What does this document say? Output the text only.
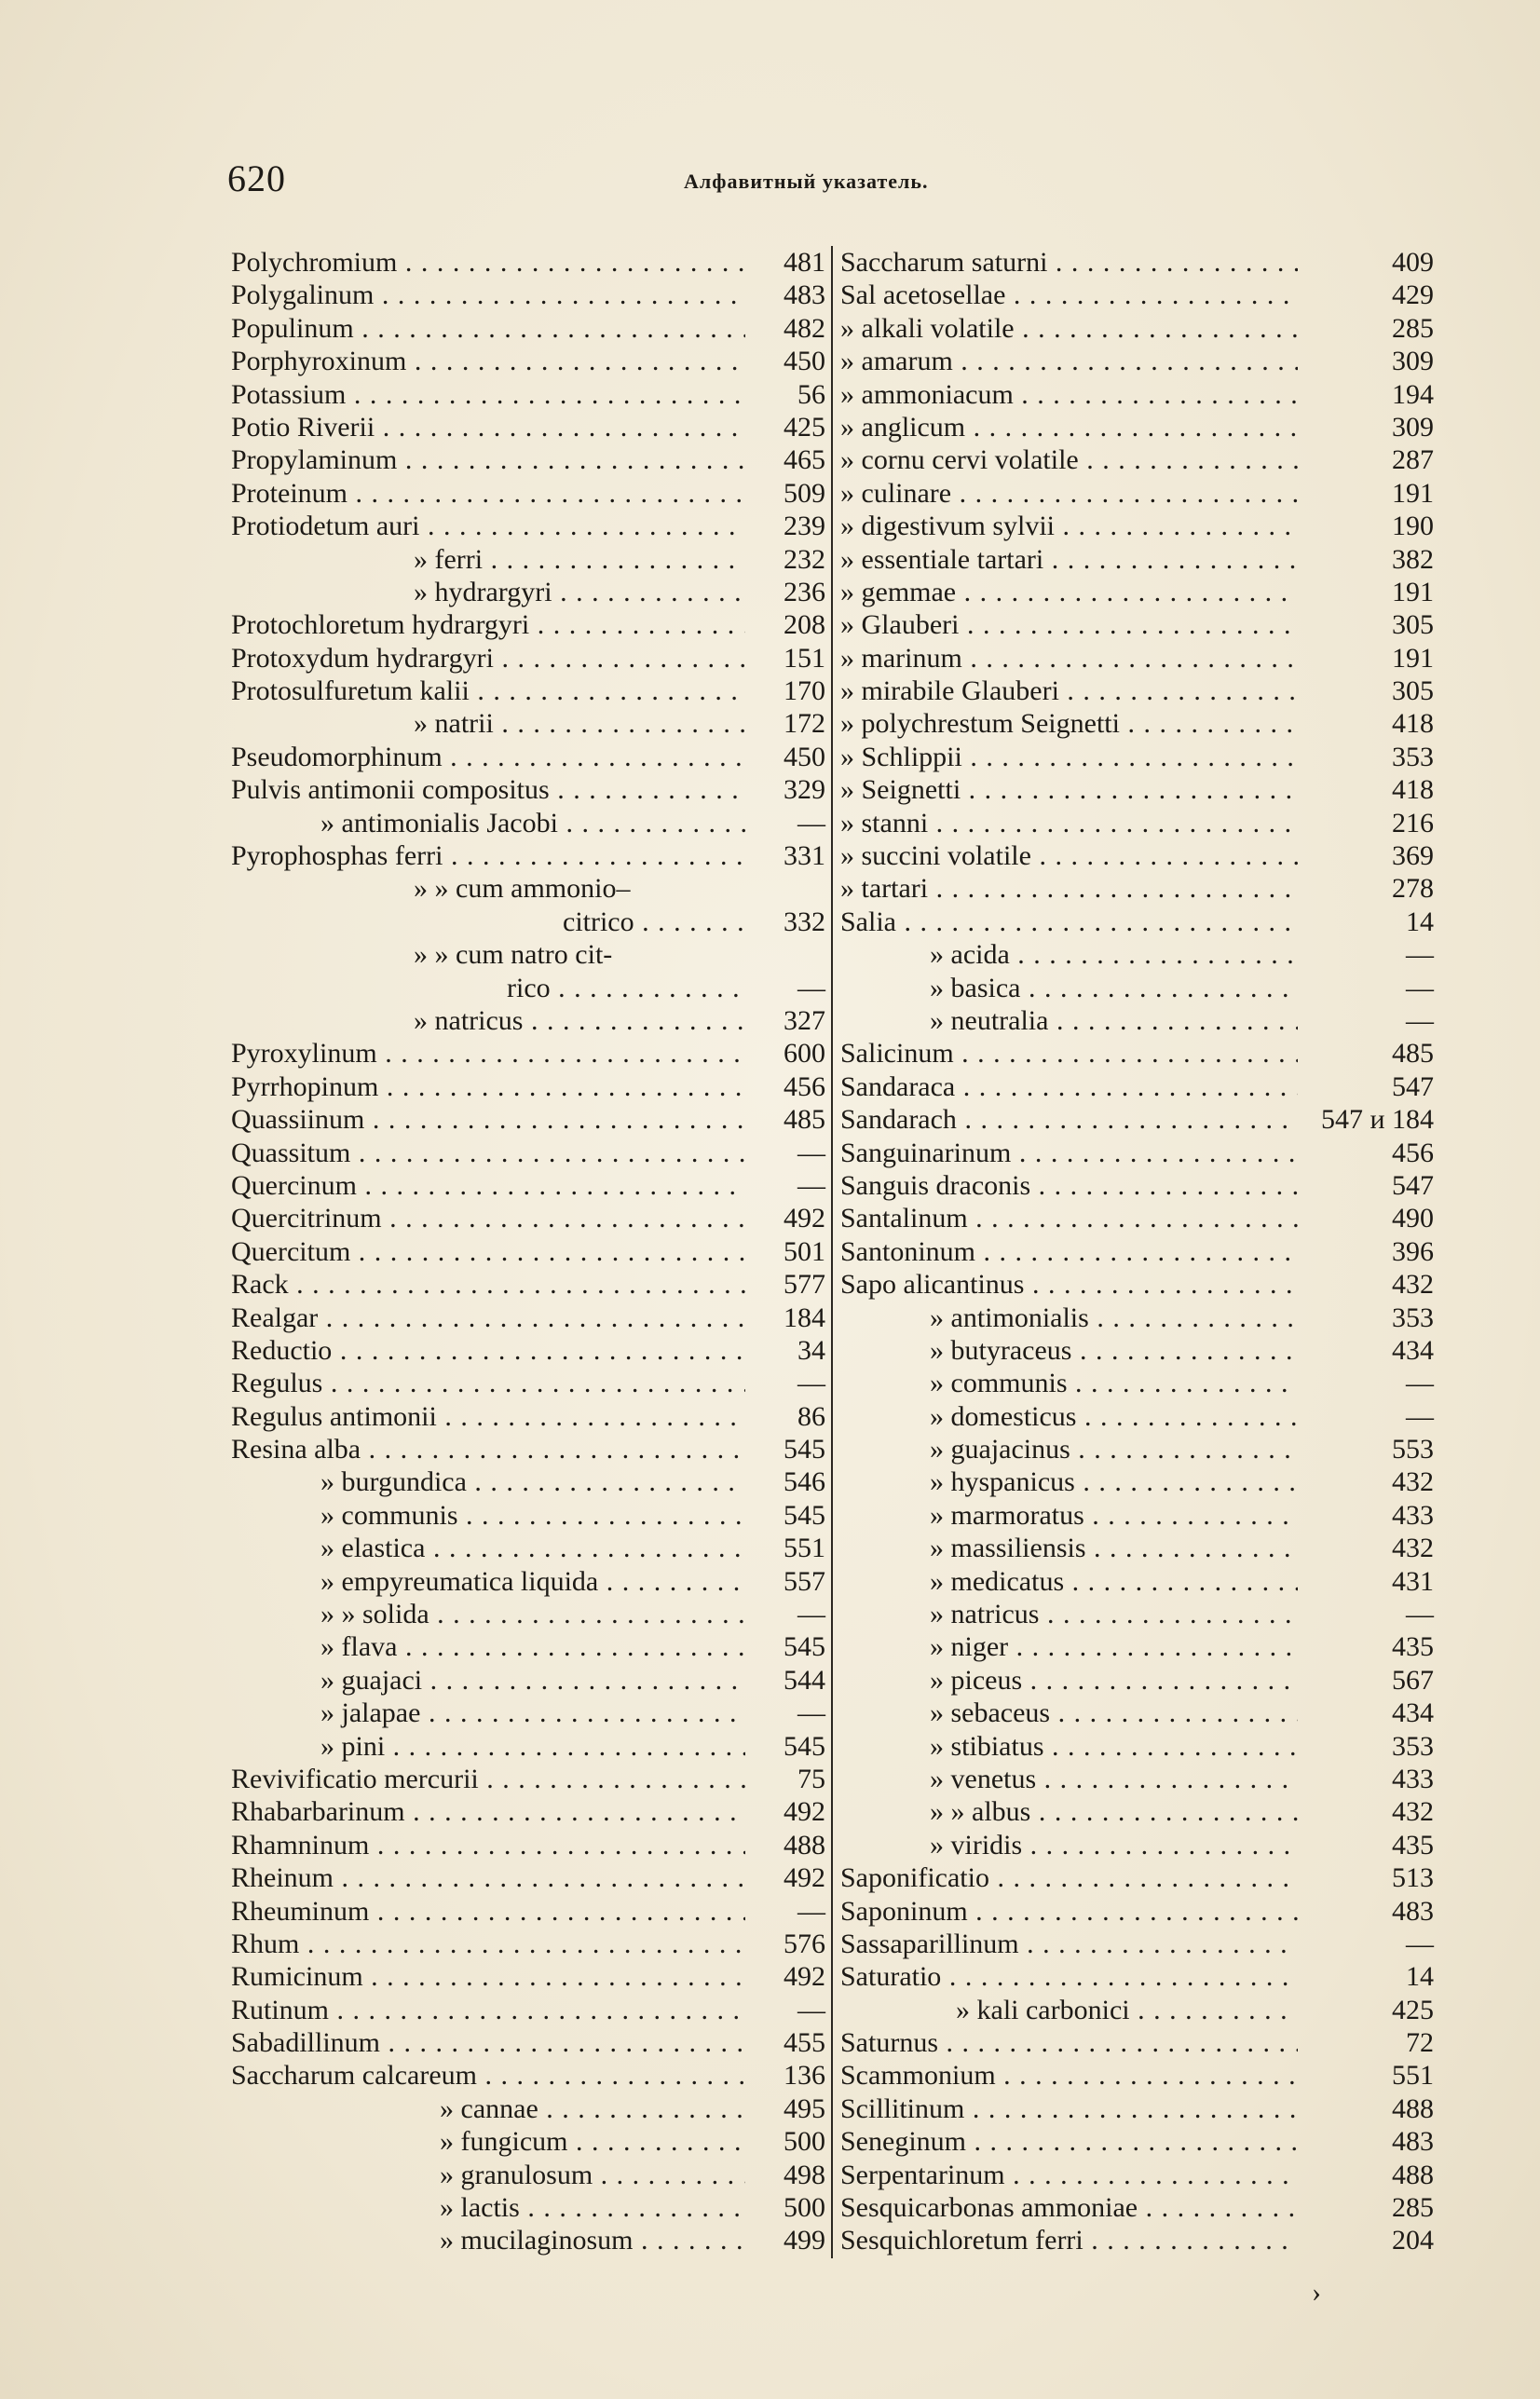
620	Алфавитный указатель.
Polychromium . . .	481
Polygalinum . . .	483
Populinum . . .	482
Porphyroxinum . . .	450
Potassium . . .	56
Potio Riverii . . .	425
Propylaminum . . .	465
Proteinum . . .	509
Protiodetum auri . . .	239
» ferri . . .	232
» hydrargyri . . .	236
Protochloretum hydrargyri . . .	208
Protoxydum hydrargyri . . .	151
Protosulfuretum kalii . . .	170
» natrii . . .	172
Pseudomorphinum . . .	450
Pulvis antimonii compositus . . .	329
» antimonialis Jacobi . . .	—
Pyrophosphas ferri . . .	331
» » cum ammonio–
citrico . . .	332
» » cum natro cit-
rico . . .	—
» natricus . . .	327
Pyroxylinum . . .	600
Pyrrhopinum . . .	456
Quassiinum . . .	485
Quassitum . . .	—
Quercinum . . .	—
Quercitrinum . . .	492
Quercitum . . .	501
Rack . . .	577
Realgar . . .	184
Reductio . . .	34
Regulus . . .	—
Regulus antimonii . . .	86
Resina alba . . .	545
» burgundica . . .	546
» communis . . .	545
» elastica . . .	551
» empyreumatica liquida . . .	557
» » solida . . .	—
» flava . . .	545
» guajaci . . .	544
» jalapae . . .	—
» pini . . .	545
Revivificatio mercurii . . .	75
Rhabarbarinum . . .	492
Rhamninum . . .	488
Rheinum . . .	492
Rheuminum . . .	—
Rhum . . .	576
Rumicinum . . .	492
Rutinum . . .	—
Sabadillinum . . .	455
Saccharum calcareum . . .	136
» cannae . . .	495
» fungicum . . .	500
» granulosum . . .	498
» lactis . . .	500
» mucilaginosum . . .	499
Saccharum saturni . . .	409
Sal acetosellae . . .	429
» alkali volatile . . .	285
» amarum . . .	309
» ammoniacum . . .	194
» anglicum . . .	309
» cornu cervi volatile . . .	287
» culinare . . .	191
» digestivum sylvii . . .	190
» essentiale tartari . . .	382
» gemmae . . .	191
» Glauberi . . .	305
» marinum . . .	191
» mirabile Glauberi . . .	305
» polychrestum Seignetti . . .	418
» Schlippii . . .	353
» Seignetti . . .	418
» stanni . . .	216
» succini volatile . . .	369
» tartari . . .	278
Salia . . .	14
» acida . . .	—
» basica . . .	—
» neutralia . . .	—
Salicinum . . .	485
Sandaraca . . .	547
Sandarach . . .	547 и 184
Sanguinarinum . . .	456
Sanguis draconis . . .	547
Santalinum . . .	490
Santoninum . . .	396
Sapo alicantinus . . .	432
» antimonialis . . .	353
» butyraceus . . .	434
» communis . . .	—
» domesticus . . .	—
» guajacinus . . .	553
» hyspanicus . . .	432
» marmoratus . . .	433
» massiliensis . . .	432
» medicatus . . .	431
» natricus . . .	—
» niger . . .	435
» piceus . . .	567
» sebaceus . . .	434
» stibiatus . . .	353
» venetus . . .	433
» » albus . . .	432
» viridis . . .	435
Saponificatio . . .	513
Saponinum . . .	483
Sassaparillinum . . .	—
Saturatio . . .	14
» kali carbonici . . .	425
Saturnus . . .	72
Scammonium . . .	551
Scillitinum . . .	488
Seneginum . . .	483
Serpentarinum . . .	488
Sesquicarbonas ammoniae . . .	285
Sesquichloretum ferri . . .	204
›
